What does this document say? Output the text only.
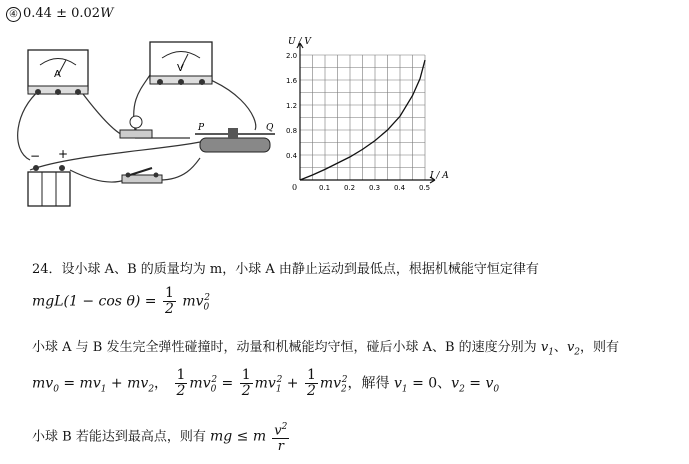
④ 0.44 ± 0.02W
A
V
P	Q
+
−
0.1 0.2 0.3 0.4 0.5
0.4
0.8
1.2
1.6
2.0
U / V
I / A
0
24．设小球 A、B 的质量均为 m，小球 A 由静止运动到最低点，根据机械能守恒定律有
$mgL(1 - \cos \theta) = \frac{1}{2} mv_0^2$
小球 A 与 B 发生完全弹性碰撞时，动量和机械能均守恒，碰后小球 A、B 的速度分别为 $v_1$、$v_2$，则有
$mv_0 = mv_1 + mv_2$， $\frac{1}{2} mv_0^2 = \frac{1}{2} mv_1^2 + \frac{1}{2} mv_2^2$，解得 $v_1 = 0$、$v_2 = v_0$
小球 B 若能达到最高点，则有 mg ≤ m $\frac{v^2}{r}$
